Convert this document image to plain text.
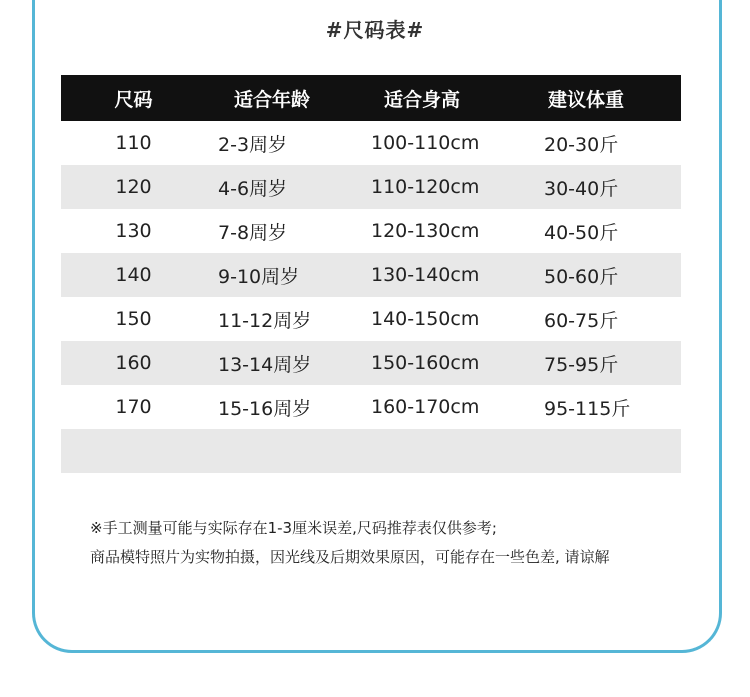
#尺码表#
尺码	适合年龄	适合身高	建议体重
110	2-3周岁	100-110cm	20-30斤
120	4-6周岁	110-120cm	30-40斤
130	7-8周岁	120-130cm	40-50斤
140	9-10周岁	130-140cm	50-60斤
150	11-12周岁	140-150cm	60-75斤
160	13-14周岁	150-160cm	75-95斤
170	15-16周岁	160-170cm	95-115斤
※手工测量可能与实际存在1-3厘米误差,尺码推荐表仅供参考;
商品模特照片为实物拍摄，因光线及后期效果原因，可能存在一些色差, 请谅解
